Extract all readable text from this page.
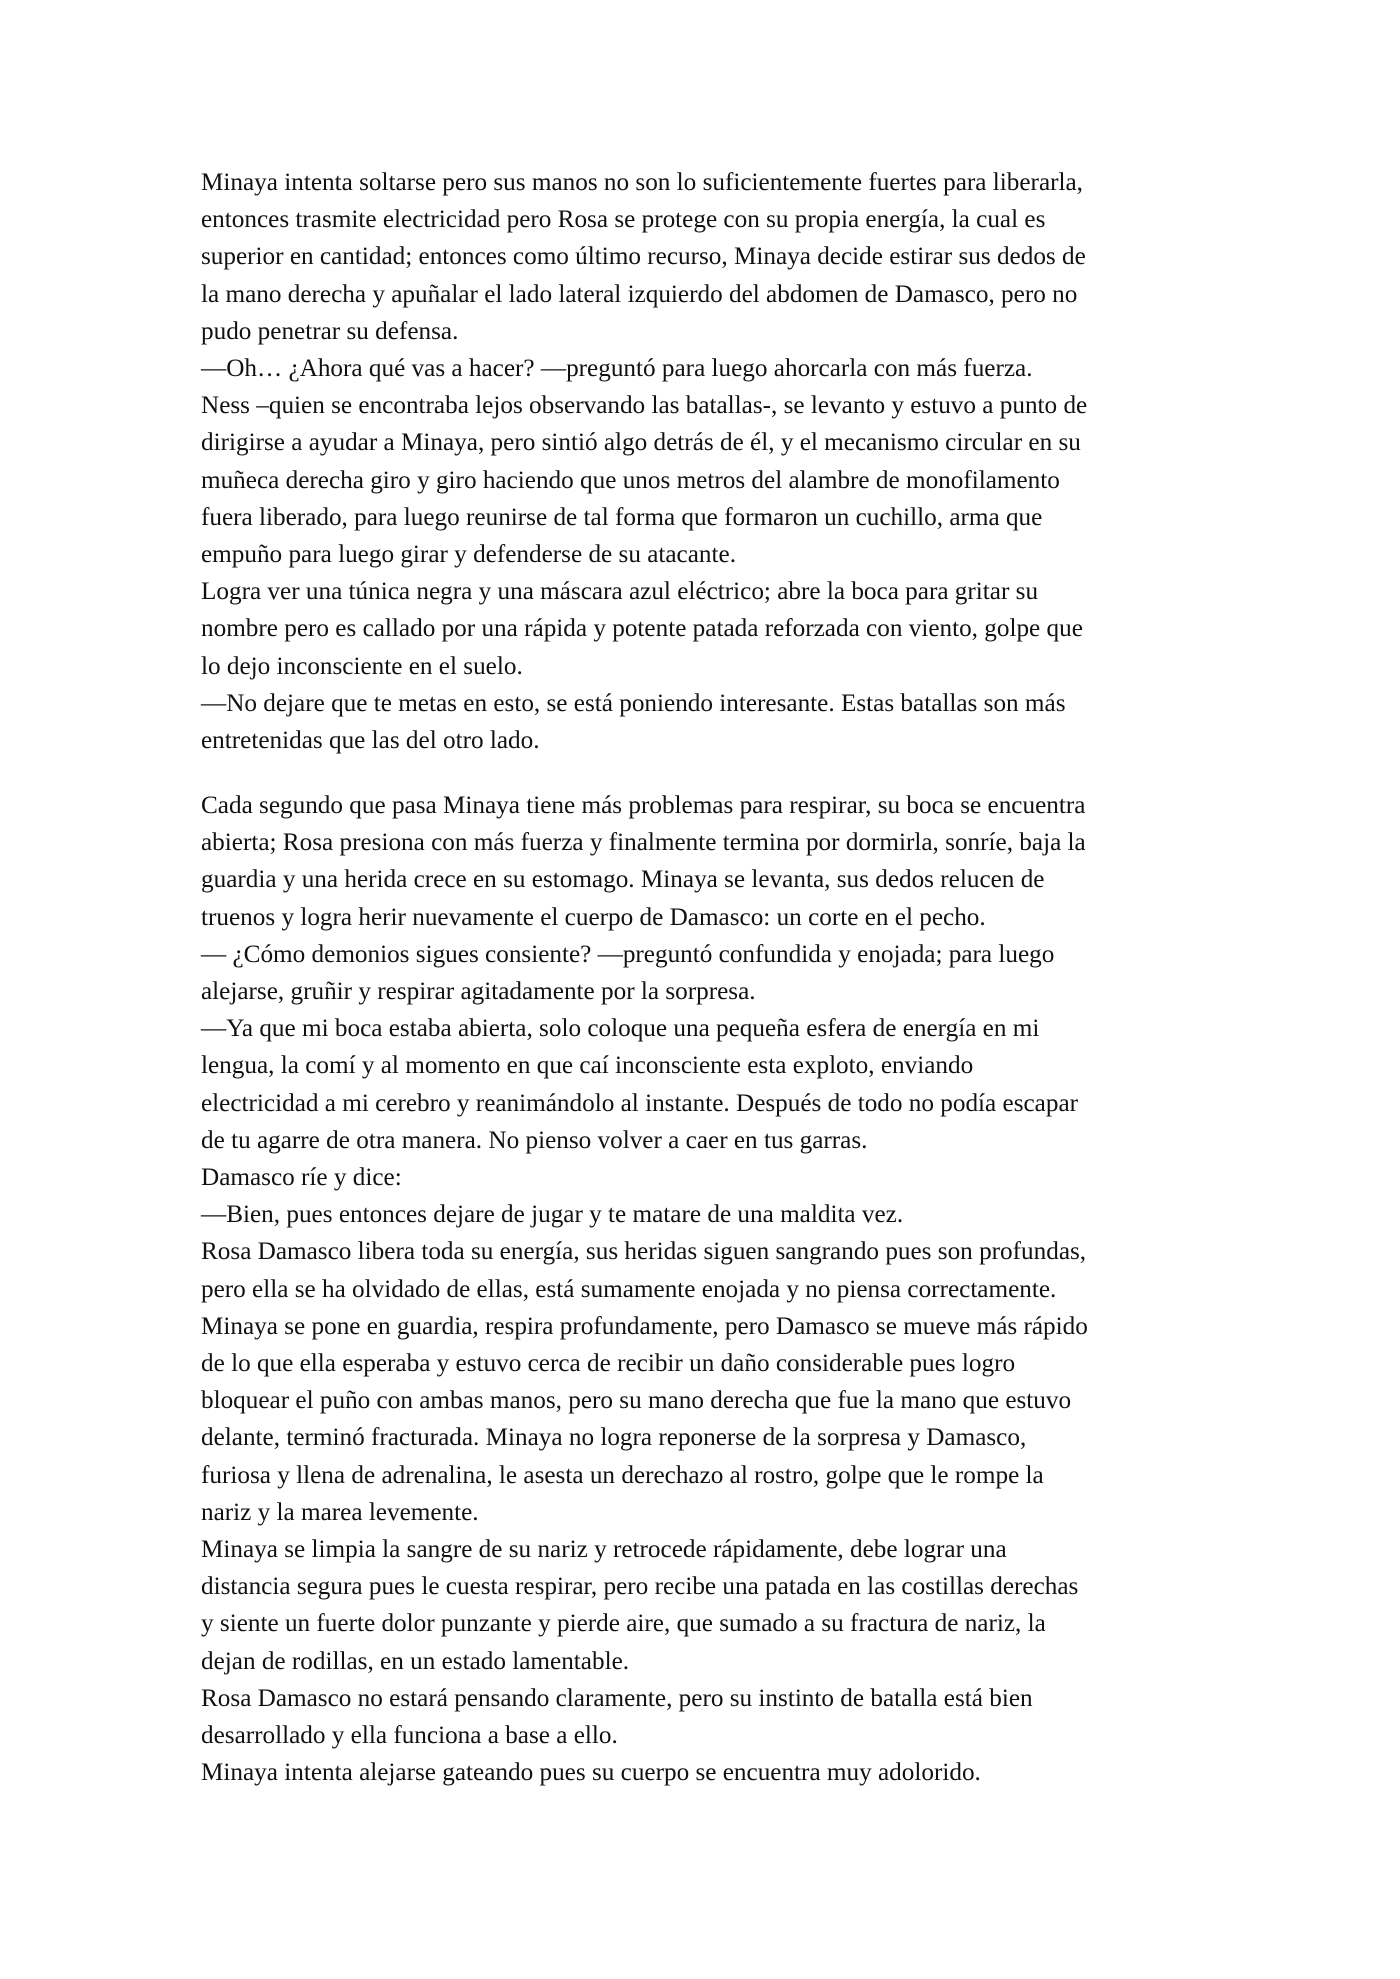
Minaya intenta soltarse pero sus manos no son lo suficientemente fuertes para liberarla,
entonces trasmite electricidad pero Rosa se protege con su propia energía, la cual es
superior en cantidad; entonces como último recurso, Minaya decide estirar sus dedos de
la mano derecha y apuñalar el lado lateral izquierdo del abdomen de Damasco, pero no
pudo penetrar su defensa.
—Oh… ¿Ahora qué vas a hacer? —preguntó para luego ahorcarla con más fuerza.
Ness –quien se encontraba lejos observando las batallas-, se levanto y estuvo a punto de
dirigirse a ayudar a Minaya, pero sintió algo detrás de él, y el mecanismo circular en su
muñeca derecha giro y giro haciendo que unos metros del alambre de monofilamento
fuera liberado, para luego reunirse de tal forma que formaron un cuchillo, arma que
empuño para luego girar y defenderse de su atacante.
Logra ver una túnica negra y una máscara azul eléctrico; abre la boca para gritar su
nombre pero es callado por una rápida y potente patada reforzada con viento, golpe que
lo dejo inconsciente en el suelo.
—No dejare que te metas en esto, se está poniendo interesante. Estas batallas son más
entretenidas que las del otro lado.
Cada segundo que pasa Minaya tiene más problemas para respirar, su boca se encuentra
abierta; Rosa presiona con más fuerza y finalmente termina por dormirla, sonríe, baja la
guardia y una herida crece en su estomago. Minaya se levanta, sus dedos relucen de
truenos y logra herir nuevamente el cuerpo de Damasco: un corte en el pecho.
— ¿Cómo demonios sigues consiente? —preguntó confundida y enojada; para luego
alejarse, gruñir y respirar agitadamente por la sorpresa.
—Ya que mi boca estaba abierta, solo coloque una pequeña esfera de energía en mi
lengua, la comí y al momento en que caí inconsciente esta exploto, enviando
electricidad a mi cerebro y reanimándolo al instante. Después de todo no podía escapar
de tu agarre de otra manera. No pienso volver a caer en tus garras.
Damasco ríe y dice:
—Bien, pues entonces dejare de jugar y te matare de una maldita vez.
Rosa Damasco libera toda su energía, sus heridas siguen sangrando pues son profundas,
pero ella se ha olvidado de ellas, está sumamente enojada y no piensa correctamente.
Minaya se pone en guardia, respira profundamente, pero Damasco se mueve más rápido
de lo que ella esperaba y estuvo cerca de recibir un daño considerable pues logro
bloquear el puño con ambas manos, pero su mano derecha que fue la mano que estuvo
delante, terminó fracturada. Minaya no logra reponerse de la sorpresa y Damasco,
furiosa y llena de adrenalina, le asesta un derechazo al rostro, golpe que le rompe la
nariz y la marea levemente.
Minaya se limpia la sangre de su nariz y retrocede rápidamente, debe lograr una
distancia segura pues le cuesta respirar, pero recibe una patada en las costillas derechas
y siente un fuerte dolor punzante y pierde aire, que sumado a su fractura de nariz, la
dejan de rodillas, en un estado lamentable.
Rosa Damasco no estará pensando claramente, pero su instinto de batalla está bien
desarrollado y ella funciona a base a ello.
Minaya intenta alejarse gateando pues su cuerpo se encuentra muy adolorido.
